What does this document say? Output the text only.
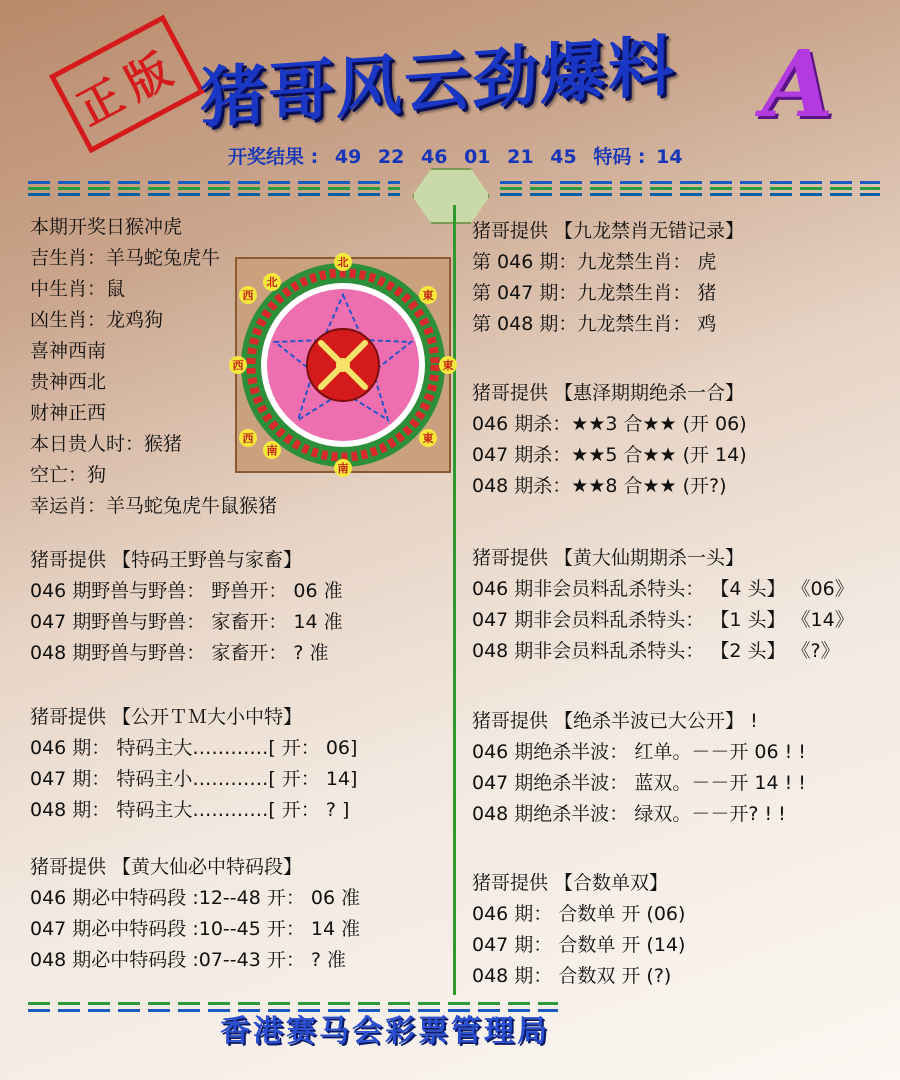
正版 猪哥风云劲爆料 A
开奖结果 : 49 22 46 01 21 45 特码 : 14
本期开奖日猴冲虎
吉生肖：羊马蛇兔虎牛
中生肖：鼠
凶生肖：龙鸡狗
喜神西南
贵神西北
财神正西
本日贵人时：猴猪
空亡：狗
幸运肖：羊马蛇兔虎牛鼠猴猪
北
南
西	東
西
北
東
西
南
東
猪哥提供 【特码王野兽与家畜】
046 期野兽与野兽： 野兽开： 06 准
047 期野兽与野兽： 家畜开： 14 准
048 期野兽与野兽： 家畜开： ? 准
猪哥提供 【公开ＴＭ大小中特】
046 期： 特码主大…………[ 开： 06]
047 期： 特码主小…………[ 开： 14]
048 期： 特码主大…………[ 开： ? ]
猪哥提供 【黄大仙必中特码段】
046 期必中特码段 :12--48 开： 06 准
047 期必中特码段 :10--45 开： 14 准
048 期必中特码段 :07--43 开： ? 准
猪哥提供 【九龙禁肖无错记录】
第 046 期：九龙禁生肖： 虎
第 047 期：九龙禁生肖： 猪
第 048 期：九龙禁生肖： 鸡
猪哥提供 【惠泽期期绝杀一合】
046 期杀：★★3 合★★ (开 06)
047 期杀：★★5 合★★ (开 14)
048 期杀：★★8 合★★ (开?)
猪哥提供 【黄大仙期期杀一头】
046 期非会员料乱杀特头： 【4 头】 《06》
047 期非会员料乱杀特头： 【1 头】 《14》
048 期非会员料乱杀特头： 【2 头】 《?》
猪哥提供 【绝杀半波已大公开】 !
046 期绝杀半波： 红单。－－开 06 ! !
047 期绝杀半波： 蓝双。－－开 14 ! !
048 期绝杀半波： 绿双。－－开? ! !
猪哥提供 【合数单双】
046 期： 合数单 开 (06)
047 期： 合数单 开 (14)
048 期： 合数双 开 (?)
香港赛马会彩票管理局
